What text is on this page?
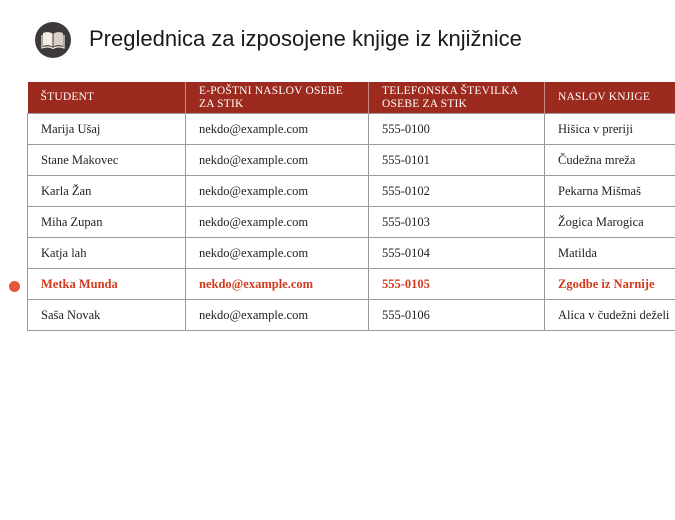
Preglednica za izposojene knjige iz knjižnice
ŠTUDENT	E-POŠTNI NASLOV OSEBE ZA STIK	TELEFONSKA ŠTEVILKA OSEBE ZA STIK	NASLOV KNJIGE
Marija Ušaj	nekdo@example.com	555-0100	Hišica v preriji
Stane Makovec	nekdo@example.com	555-0101	Čudežna mreža
Karla Žan	nekdo@example.com	555-0102	Pekarna Mišmaš
Miha Zupan	nekdo@example.com	555-0103	Žogica Marogica
Katja lah	nekdo@example.com	555-0104	Matilda
Metka Munda	nekdo@example.com	555-0105	Zgodbe iz Narnije
Saša Novak	nekdo@example.com	555-0106	Alica v čudežni deželi
